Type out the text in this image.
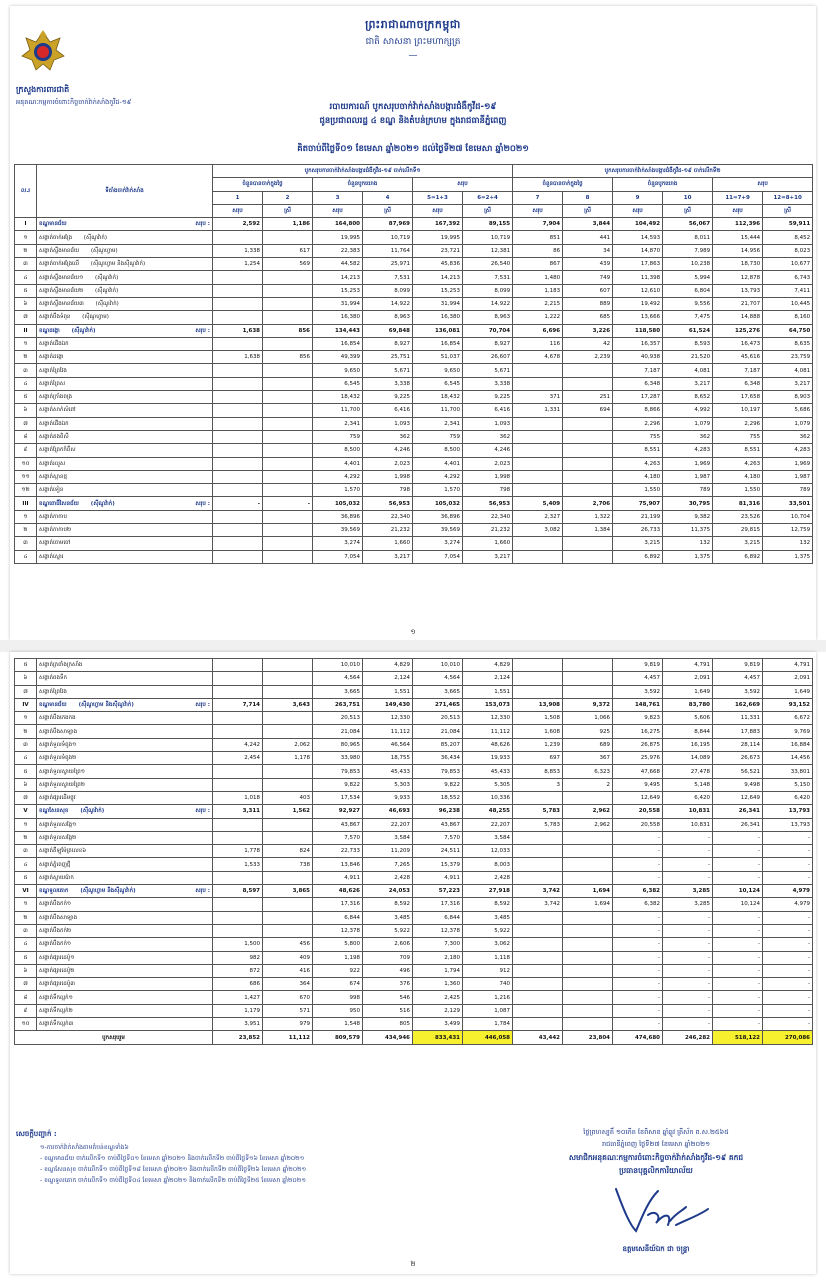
ព្រះរាជាណាចក្រកម្ពុជា
ជាតិ សាសនា ព្រះមហាក្សត្រ
—
ក្រសួងការពារជាតិ
អនុគណៈកម្មការចំពោះកិច្ចចាក់វ៉ាក់សាំងកូវីដ-១៩	របាយការណ៍ បូកសរុបចាក់វ៉ាក់សាំងបង្ការជំងឺកូវីដ-១៩
ជូនប្រជាពលរដ្ឋ ៤ ខណ្ឌ និងតំបន់ក្រហម ក្នុងរាជធានីភ្នំពេញ
គិតចាប់ពីថ្ងៃទី០១ ខែមេសា ឆ្នាំ២០២១ ដល់ថ្ងៃទី២៧ ខែមេសា ឆ្នាំ២០២១
ល.រ	ទីតាំងចាក់វ៉ាក់សាំង	បូកសរុបការចាក់វ៉ាក់សាំងបង្ការជំងឺកូវីដ-១៩ ចាក់លើកទី១						បូកសរុបការចាក់វ៉ាក់សាំងបង្ការជំងឺកូវីដ-១៩ ចាក់លើកទី២					
		ចំនួនបានចាក់ក្នុងថ្ងៃ		ចំនួនបូកយោង		សរុប		ចំនួនបានចាក់ក្នុងថ្ងៃ		ចំនួនបូកយោង		សរុប	
		1	2	3	4	5=1+3	6=2+4	7	8	9	10	11=7+9	12=8+10
		សរុប	ស្រី	សរុប	ស្រី	សរុប	ស្រី	សរុប	ស្រី	សរុប	ស្រី	សរុប	ស្រី
I	ខណ្ឌមានជ័យ សរុប :	2,592	1,186	164,800	87,969	167,392	89,155	7,904	3,844	104,492	56,067	112,396	59,911
១	សង្កាត់ចាក់អង្រែ (ស៊ីណូវ៉ាក់)			19,995	10,719	19,995	10,719	851	441	14,593	8,011	15,444	8,452
២	សង្កាត់ស្ទឹងមានជ័យ (ស៊ីណូហ្វាម)	1,338	617	22,383	11,764	23,721	12,381	86	34	14,870	7,989	14,956	8,023
៣	សង្កាត់ចាក់អង្រែលើ (ស៊ីណូហ្វាម និងស៊ីណូវ៉ាក់)	1,254	569	44,582	25,971	45,836	26,540	867	439	17,863	10,238	18,730	10,677
៤	សង្កាត់ស្ទឹងមានជ័យ១ (ស៊ីណូវ៉ាក់)			14,213	7,531	14,213	7,531	1,480	749	11,398	5,994	12,878	6,743
៥	សង្កាត់ស្ទឹងមានជ័យ២ (ស៊ីណូវ៉ាក់)			15,253	8,099	15,253	8,099	1,183	607	12,610	6,804	13,793	7,411
៦	សង្កាត់ស្ទឹងមានជ័យ៣ (ស៊ីណូវ៉ាក់)			31,994	14,922	31,994	14,922	2,215	889	19,492	9,556	21,707	10,445
៧	សង្កាត់បឹងទំពុន (ស៊ីណូហ្វាម)			16,380	8,963	16,380	8,963	1,222	685	13,666	7,475	14,888	8,160
II	ខណ្ឌដង្កោ (ស៊ីណូវ៉ាក់) សរុប :	1,638	856	134,443	69,848	136,081	70,704	6,696	3,226	118,580	61,524	125,276	64,750
១	សង្កាត់ជើងឯក			16,854	8,927	16,854	8,927	116	42	16,357	8,593	16,473	8,635
២	សង្កាត់ដង្កោ	1,638	856	49,399	25,751	51,037	26,607	4,678	2,239	40,938	21,520	45,616	23,759
៣	សង្កាត់ព្រៃវែង			9,650	5,671	9,650	5,671			7,187	4,081	7,187	4,081
៤	សង្កាត់ព្រៃស			6,545	3,338	6,545	3,338			6,348	3,217	6,348	3,217
៥	សង្កាត់ក្រាំងពង្រ			18,432	9,225	18,432	9,225	371	251	17,287	8,652	17,658	8,903
៦	សង្កាត់សាក់សំពៅ			11,700	6,416	11,700	6,416	1,331	694	8,866	4,992	10,197	5,686
៧	សង្កាត់ជើងឯក			2,341	1,093	2,341	1,093			2,296	1,079	2,296	1,079
៨	សង្កាត់គងពិសី			759	362	759	362			755	362	755	362
៩	សង្កាត់ព្រែកកំពឹស			8,500	4,246	8,500	4,246			8,551	4,283	8,551	4,283
១០	សង្កាត់រលួស			4,401	2,023	4,401	2,023			4,263	1,969	4,263	1,969
១១	សង្កាត់ស្ពានថ្ម			4,292	1,998	4,292	1,998			4,180	1,987	4,180	1,987
១២	សង្កាត់ទៀន			1,570	798	1,570	798			1,550	789	1,550	789
III	ខណ្ឌពោធិ៍សែនជ័យ (ស៊ីណូវ៉ាក់) សរុប :	-	-	105,032	56,953	105,032	56,953	5,409	2,706	75,907	30,795	81,316	33,501
១	សង្កាត់កាកាប			36,896	22,340	36,896	22,340	2,327	1,322	21,199	9,382	23,526	10,704
២	សង្កាត់កាកាប២			39,569	21,232	39,569	21,232	3,082	1,384	26,733	11,375	29,815	12,759
៣	សង្កាត់ចោមចៅ			3,274	1,660	3,274	1,660			3,215	132	3,215	132
៤	សង្កាត់ស្នោរ			7,054	3,217	7,054	3,217			6,892	1,375	6,892	1,375
១
៥	សង្កាត់ត្រពាំងក្រសាំង			10,010	4,829	10,010	4,829			9,819	4,791	9,819	4,791
៦	សង្កាត់ពងទឹក			4,564	2,124	4,564	2,124			4,457	2,091	4,457	2,091
៧	សង្កាត់ព្រៃវែង			3,665	1,551	3,665	1,551			3,592	1,649	3,592	1,649
IV	ខណ្ឌមានជ័យ (ស៊ីណូហ្វាម និងស៊ីណូវ៉ាក់) សរុប :	7,714	3,643	263,751	149,430	271,465	153,073	13,908	9,372	148,761	83,780	162,669	93,152
១	សង្កាត់បឹងកេងកង			20,513	12,330	20,513	12,330	1,508	1,066	9,823	5,606	11,331	6,672
២	សង្កាត់បឹងសាឡាង			21,084	11,112	21,084	11,112	1,608	925	16,275	8,844	17,883	9,769
៣	សង្កាត់ទួលទំពូង១	4,242	2,062	80,965	46,564	85,207	48,626	1,239	689	26,875	16,195	28,114	16,884
៤	សង្កាត់ទួលទំពូង២	2,454	1,178	33,980	18,755	36,434	19,933	697	367	25,976	14,089	26,673	14,456
៥	សង្កាត់ទួលស្វាយព្រៃ១			79,853	45,433	79,853	45,433	8,853	6,323	47,668	27,478	56,521	33,801
៦	សង្កាត់ទួលស្វាយព្រៃ២			9,822	5,303	9,822	5,305	3	2	9,495	5,148	9,498	5,150
៧	សង្កាត់ផ្សារដើមថ្កូវ	1,018	403	17,534	9,933	18,552	10,336			12,649	6,420	12,649	6,420
V	ខណ្ឌសែនសុខ (ស៊ីណូវ៉ាក់) សរុប :	3,311	1,562	92,927	46,693	96,238	48,255	5,783	2,962	20,558	10,831	26,341	13,793
១	សង្កាត់ទួលសង្កែ១			43,867	22,207	43,867	22,207	5,783	2,962	20,558	10,831	26,341	13,793
២	សង្កាត់ទួលសង្កែ២			7,570	3,584	7,570	3,584			-	-	-	-
៣	សង្កាត់គីឡូម៉ែត្រលេខ៦	1,778	824	22,733	11,209	24,511	12,033			-	-	-	-
៤	សង្កាត់ភ្នំពេញថ្មី	1,533	738	13,846	7,265	15,379	8,003			-	-	-	-
៥	សង្កាត់ស្វាយប៉ាក			4,911	2,428	4,911	2,428			-	-	-	-
VI	ខណ្ឌទួលគោក (ស៊ីណូហ្វាម និងស៊ីណូវ៉ាក់) សរុប :	8,597	3,865	48,626	24,053	57,223	27,918	3,742	1,694	6,382	3,285	10,124	4,979
១	សង្កាត់បឹងកក់១			17,316	8,592	17,316	8,592	3,742	1,694	6,382	3,285	10,124	4,979
២	សង្កាត់បឹងសាឡាង			6,844	3,485	6,844	3,485			-	-	-	-
៣	សង្កាត់បឹងកក់២			12,378	5,922	12,378	5,922			-	-	-	-
៤	សង្កាត់បឹងកក់១	1,500	456	5,800	2,606	7,300	3,062			-	-	-	-
៥	សង្កាត់ផ្សារដេប៉ូ១	982	409	1,198	709	2,180	1,118			-	-	-	-
៦	សង្កាត់ផ្សារដេប៉ូ២	872	416	922	496	1,794	912			-	-	-	-
៧	សង្កាត់ផ្សារដេប៉ូ៣	686	364	674	376	1,360	740			-	-	-	-
៨	សង្កាត់ទឹកល្អក់១	1,427	670	998	546	2,425	1,216			-	-	-	-
៩	សង្កាត់ទឹកល្អក់២	1,179	571	950	516	2,129	1,087			-	-	-	-
១០	សង្កាត់ទឹកល្អក់៣	3,951	979	1,548	805	3,499	1,784			-	-	-	-
បូកសរុបរួម		23,852	11,112	809,579	434,946	833,431	446,058	43,442	23,804	474,680	246,282	518,122	270,086
សេចក្តីបញ្ជាក់ :
១-ការចាក់វ៉ាក់សាំងតាមតំបន់ខណ្ឌទាំង៦
- ខណ្ឌមានជ័យ ចាក់លើកទី១ ចាប់ពីថ្ងៃទី០១ ខែមេសា ឆ្នាំ២០២១ និងចាក់លើកទី២ ចាប់ពីថ្ងៃទី១៦ ខែមេសា ឆ្នាំ២០២១
- ខណ្ឌសែនសុខ ចាក់លើកទី១ ចាប់ពីថ្ងៃទី១៨ ខែមេសា ឆ្នាំ២០២១ និងចាក់លើកទី២ ចាប់ពីថ្ងៃទី២៦ ខែមេសា ឆ្នាំ២០២១
- ខណ្ឌទួលគោក ចាក់លើកទី១ ចាប់ពីថ្ងៃទី០៤ ខែមេសា ឆ្នាំ២០២១ និងចាក់លើកទី២ ចាប់ពីថ្ងៃទី២៥ ខែមេសា ឆ្នាំ២០២១
ថ្ងៃព្រហស្បតិ៍ ១០កើត ខែពិសាខ ឆ្នាំឆ្លូវ ត្រីស័ក ព.ស.២៥៦៥
រាជធានីភ្នំពេញ ថ្ងៃទី២៧ ខែមេសា ឆ្នាំ២០២១
សមាជិកអនុគណៈកម្មការចំពោះកិច្ចចាក់វ៉ាក់សាំងកូវីដ-១៩ គកជ
ប្រធានបុគ្គលិកការិយាល័យ
ឧត្តមសេនីយ៍ឯក ជា ចន្ទ្រា
២
